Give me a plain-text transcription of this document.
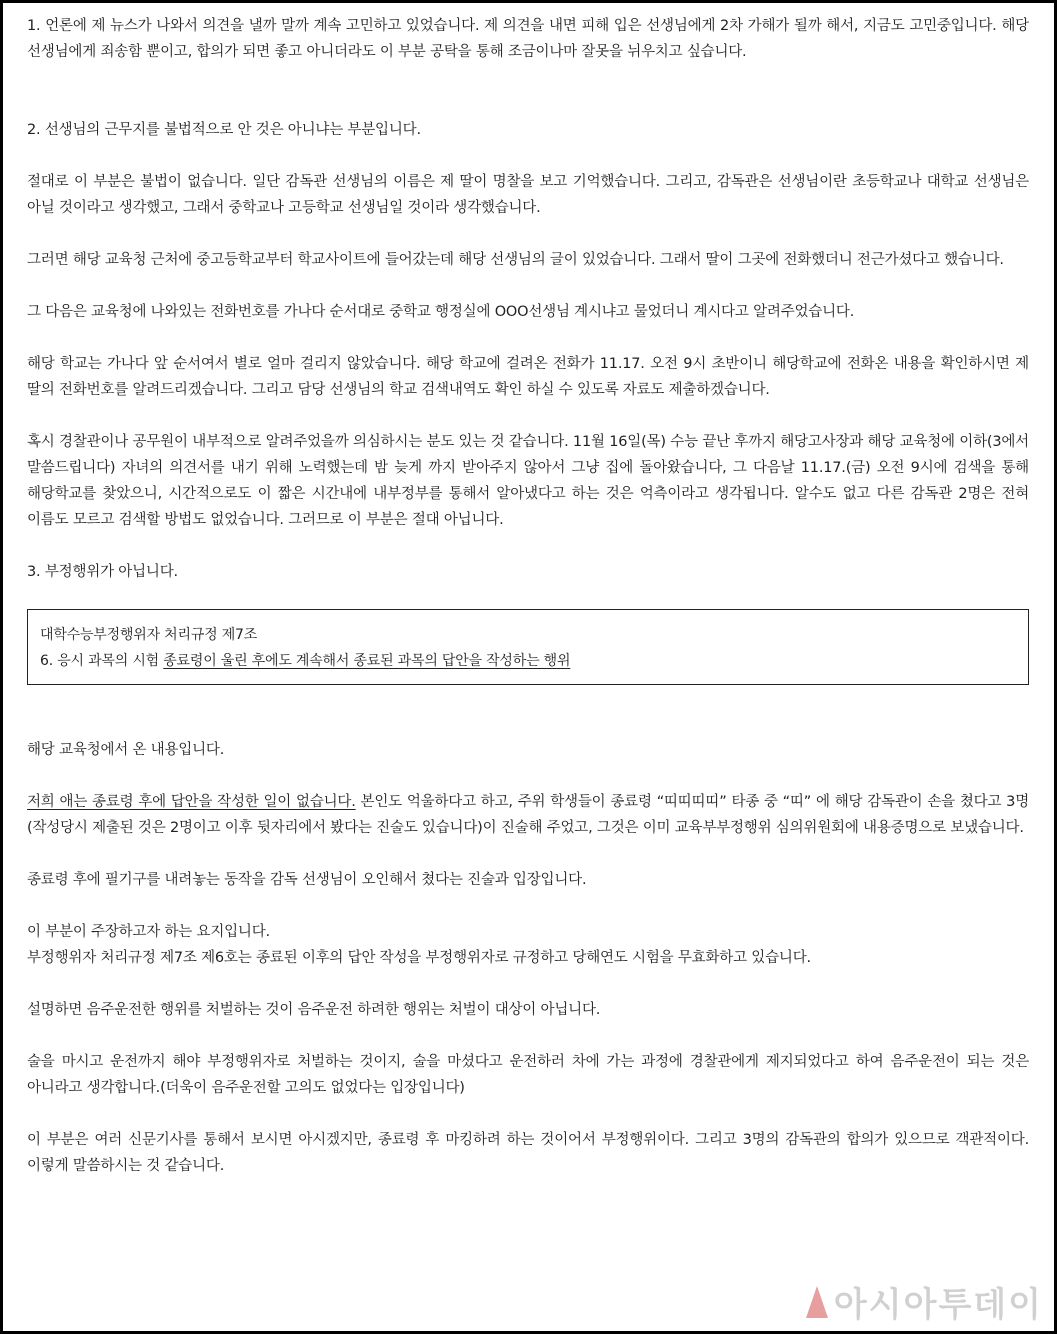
1. 언론에 제 뉴스가 나와서 의견을 낼까 말까 계속 고민하고 있었습니다. 제 의견을 내면 피해 입은 선생님에게 2차 가해가 될까 해서, 지금도 고민중입니다. 해당 선생님에게 죄송함 뿐이고, 합의가 되면 좋고 아니더라도 이 부분 공탁을 통해 조금이나마 잘못을 뉘우치고 싶습니다.

2. 선생님의 근무지를 불법적으로 안 것은 아니냐는 부분입니다.

절대로 이 부분은 불법이 없습니다. 일단 감독관 선생님의 이름은 제 딸이 명찰을 보고 기억했습니다. 그리고, 감독관은 선생님이란 초등학교나 대학교 선생님은 아닐 것이라고 생각했고, 그래서 중학교나 고등학교 선생님일 것이라 생각했습니다.

그러면 해당 교육청 근처에 중고등학교부터 학교사이트에 들어갔는데 해당 선생님의 글이 있었습니다. 그래서 딸이 그곳에 전화했더니 전근가셨다고 했습니다.

그 다음은 교육청에 나와있는 전화번호를 가나다 순서대로 중학교 행정실에 OOO선생님 계시냐고 물었더니 계시다고 알려주었습니다.

해당 학교는 가나다 앞 순서여서 별로 얼마 걸리지 않았습니다. 해당 학교에 걸려온 전화가 11.17. 오전 9시 초반이니 해당학교에 전화온 내용을 확인하시면 제 딸의 전화번호를 알려드리겠습니다. 그리고 담당 선생님의 학교 검색내역도 확인 하실 수 있도록 자료도 제출하겠습니다.

혹시 경찰관이나 공무원이 내부적으로 알려주었을까 의심하시는 분도 있는 것 같습니다. 11월 16일(목) 수능 끝난 후까지 해당고사장과 해당 교육청에 이하(3에서 말씀드립니다) 자녀의 의견서를 내기 위해 노력했는데 밤 늦게 까지 받아주지 않아서 그냥 집에 돌아왔습니다, 그 다음날 11.17.(금) 오전 9시에 검색을 통해 해당학교를 찾았으니, 시간적으로도 이 짧은 시간내에 내부정부를 통해서 알아냈다고 하는 것은 억측이라고 생각됩니다. 알수도 없고 다른 감독관 2명은 전혀 이름도 모르고 검색할 방법도 없었습니다. 그러므로 이 부분은 절대 아닙니다.

3. 부정행위가 아닙니다.

대학수능부정행위자 처리규정 제7조
6. 응시 과목의 시험 종료령이 울린 후에도 계속해서 종료된 과목의 답안을 작성하는 행위

해당 교육청에서 온 내용입니다.

저희 애는 종료령 후에 답안을 작성한 일이 없습니다. 본인도 억울하다고 하고, 주위 학생들이 종료령 “띠띠띠띠” 타종 중 “띠” 에 해당 감독관이 손을 쳤다고 3명(작성당시 제출된 것은 2명이고 이후 뒷자리에서 봤다는 진술도 있습니다)이 진술해 주었고, 그것은 이미 교육부부정행위 심의위원회에 내용증명으로 보냈습니다.

종료령 후에 필기구를 내려놓는 동작을 감독 선생님이 오인해서 쳤다는 진술과 입장입니다.

이 부분이 주장하고자 하는 요지입니다.

부정행위자 처리규정 제7조 제6호는 종료된 이후의 답안 작성을 부정행위자로 규정하고 당해연도 시험을 무효화하고 있습니다.

설명하면 음주운전한 행위를 처벌하는 것이 음주운전 하려한 행위는 처벌이 대상이 아닙니다.

술을 마시고 운전까지 해야 부정행위자로 처벌하는 것이지, 술을 마셨다고 운전하러 차에 가는 과정에 경찰관에게 제지되었다고 하여 음주운전이 되는 것은 아니라고 생각합니다.(더욱이 음주운전할 고의도 없었다는 입장입니다)

이 부분은 여러 신문기사를 통해서 보시면 아시겠지만, 종료령 후 마킹하려 하는 것이어서 부정행위이다. 그리고 3명의 감독관의 합의가 있으므로 객관적이다. 이렇게 말씀하시는 것 같습니다.

아시아투데이
